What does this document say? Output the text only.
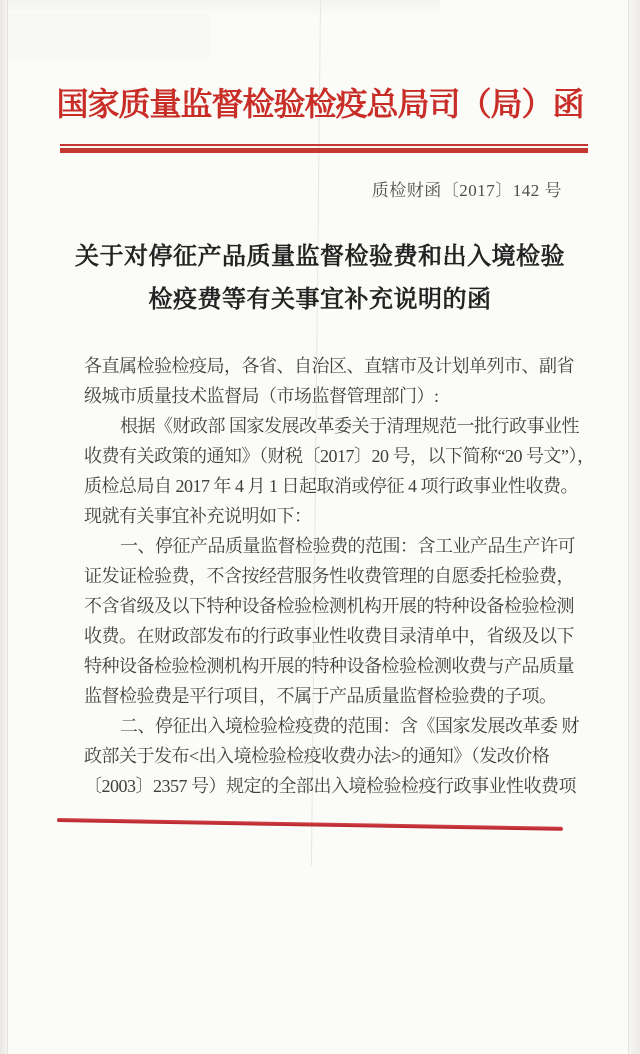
国家质量监督检验检疫总局司（局）函
质检财函〔2017〕142 号
关于对停征产品质量监督检验费和出入境检验
检疫费等有关事宜补充说明的函
各直属检验检疫局，各省、自治区、直辖市及计划单列市、副省
级城市质量技术监督局（市场监督管理部门）:
根据《财政部 国家发展改革委关于清理规范一批行政事业性
收费有关政策的通知》（财税〔2017〕20 号，以下简称“20 号文”），
质检总局自 2017 年 4 月 1 日起取消或停征 4 项行政事业性收费。
现就有关事宜补充说明如下：
一、停征产品质量监督检验费的范围：含工业产品生产许可
证发证检验费，不含按经营服务性收费管理的自愿委托检验费，
不含省级及以下特种设备检验检测机构开展的特种设备检验检测
收费。在财政部发布的行政事业性收费目录清单中，省级及以下
特种设备检验检测机构开展的特种设备检验检测收费与产品质量
监督检验费是平行项目，不属于产品质量监督检验费的子项。
二、停征出入境检验检疫费的范围：含《国家发展改革委 财
政部关于发布<出入境检验检疫收费办法>的通知》（发改价格
〔2003〕2357 号）规定的全部出入境检验检疫行政事业性收费项
